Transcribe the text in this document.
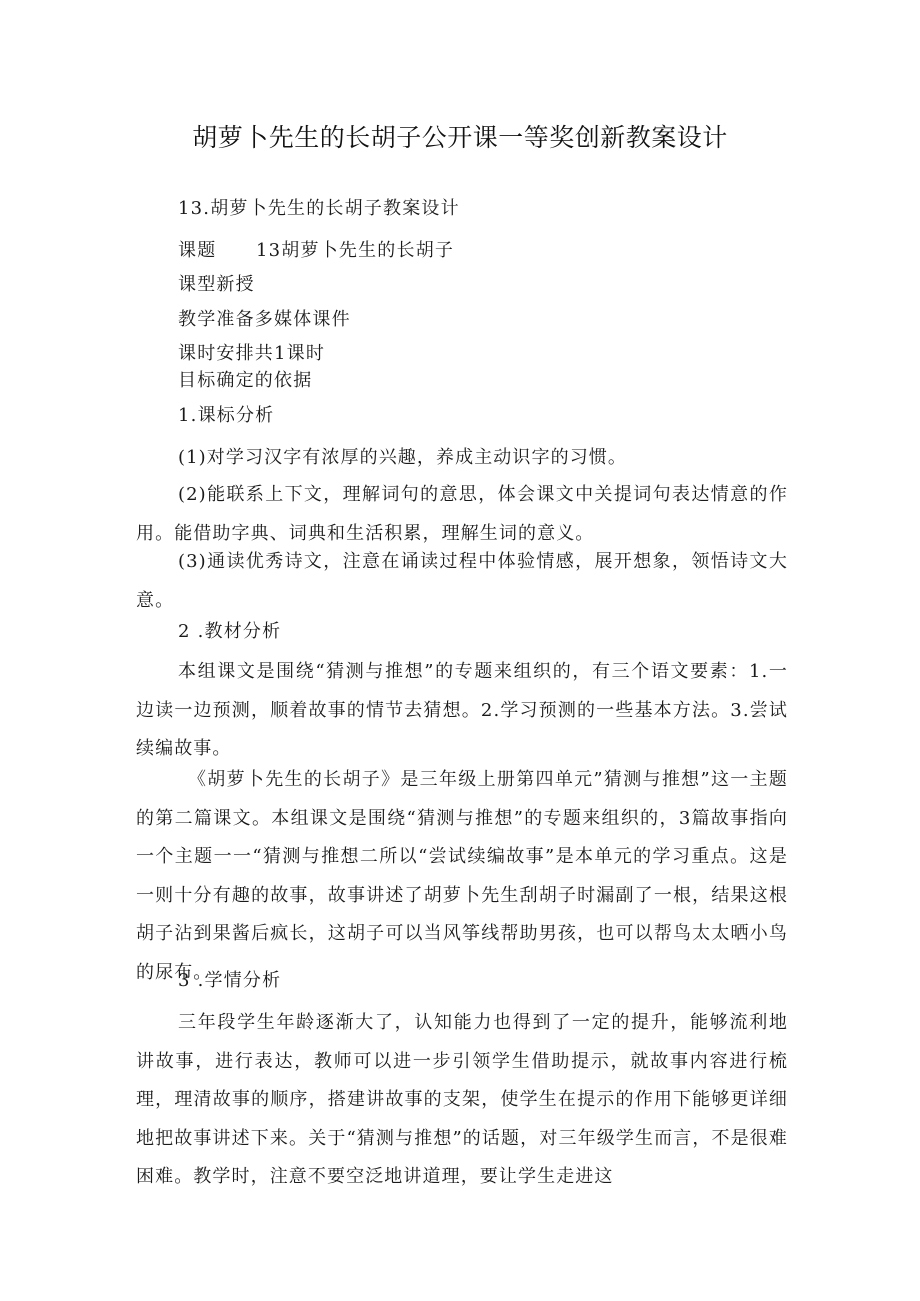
胡萝卜先生的长胡子公开课一等奖创新教案设计
13.胡萝卜先生的长胡子教案设计
课题 13胡萝卜先生的长胡子
课型新授
教学准备多媒体课件
课时安排共1课时
目标确定的依据
1.课标分析
(1)对学习汉字有浓厚的兴趣，养成主动识字的习惯。
(2)能联系上下文，理解词句的意思，体会课文中关提词句表达情意的作用。能借助字典、词典和生活积累，理解生词的意义。
(3)通读优秀诗文，注意在诵读过程中体验情感，展开想象，领悟诗文大意。
2 .教材分析
本组课文是围绕“猜测与推想”的专题来组织的，有三个语文要素：1.一边读一边预测，顺着故事的情节去猜想。2.学习预测的一些基本方法。3.尝试续编故事。
《胡萝卜先生的长胡子》是三年级上册第四单元”猜测与推想”这一主题的第二篇课文。本组课文是围绕“猜测与推想”的专题来组织的，3篇故事指向一个主题一一“猜测与推想二所以“尝试续编故事”是本单元的学习重点。这是一则十分有趣的故事，故事讲述了胡萝卜先生刮胡子时漏副了一根，结果这根胡子沾到果酱后疯长，这胡子可以当风筝线帮助男孩，也可以帮鸟太太晒小鸟的尿布。
3 .学情分析
三年段学生年龄逐渐大了，认知能力也得到了一定的提升，能够流利地讲故事，进行表达，教师可以进一步引领学生借助提示，就故事内容进行梳理，理清故事的顺序，搭建讲故事的支架，使学生在提示的作用下能够更详细地把故事讲述下来。关于“猜测与推想”的话题，对三年级学生而言，不是很难困难。教学时，注意不要空泛地讲道理，要让学生走进这
